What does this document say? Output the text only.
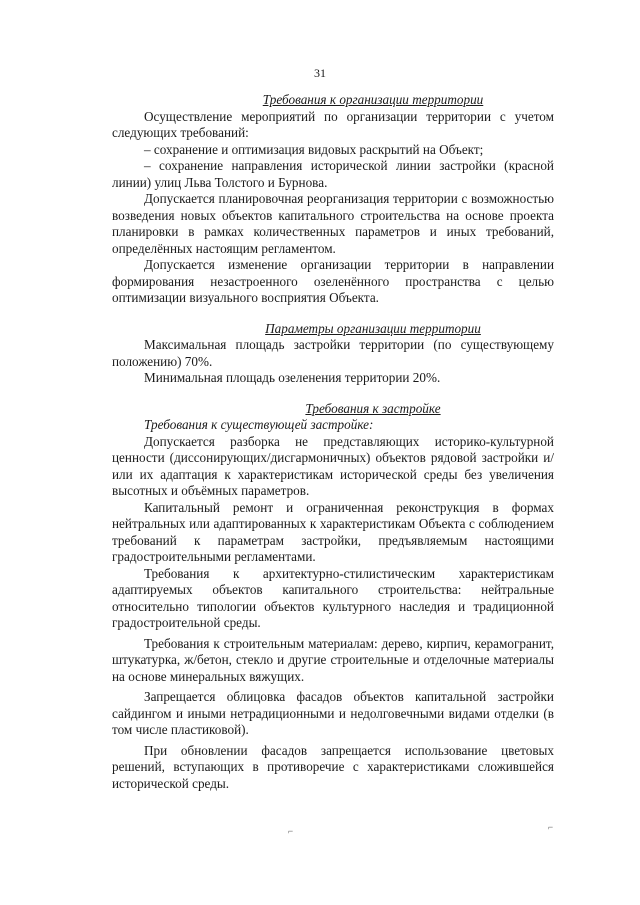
31
Требования к организации территории

Осуществление мероприятий по организации территории с учетом следующих требований:

– сохранение и оптимизация видовых раскрытий на Объект;

– сохранение направления исторической линии застройки (красной линии) улиц Льва Толстого и Бурнова.

Допускается планировочная реорганизация территории с возможностью возведения новых объектов капитального строительства на основе проекта планировки в рамках количественных параметров и иных требований, определённых настоящим регламентом.

Допускается изменение организации территории в направлении формирования незастроенного озеленённого пространства с целью оптимизации визуального восприятия Объекта.

Параметры организации территории

Максимальная площадь застройки территории (по существующему положению) 70%.

Минимальная площадь озеленения территории 20%.

Требования к застройке

Требования к существующей застройке:

Допускается разборка не представляющих историко-культурной ценности (диссонирующих/дисгармоничных) объектов рядовой застройки и/или их адаптация к характеристикам исторической среды без увеличения высотных и объёмных параметров.

Капитальный ремонт и ограниченная реконструкция в формах нейтральных или адаптированных к характеристикам Объекта с соблюдением требований к параметрам застройки, предъявляемым настоящими градостроительными регламентами.

Требования к архитектурно-стилистическим характеристикам адаптируемых объектов капитального строительства: нейтральные относительно типологии объектов культурного наследия и традиционной градостроительной среды.

Требования к строительным материалам: дерево, кирпич, керамогранит, штукатурка, ж/бетон, стекло и другие строительные и отделочные материалы на основе минеральных вяжущих.

Запрещается облицовка фасадов объектов капитальной застройки сайдингом и иными нетрадиционными и недолговечными видами отделки (в том числе пластиковой).

При обновлении фасадов запрещается использование цветовых решений, вступающих в противоречие с характеристиками сложившейся исторической среды.

⌐	⌐
